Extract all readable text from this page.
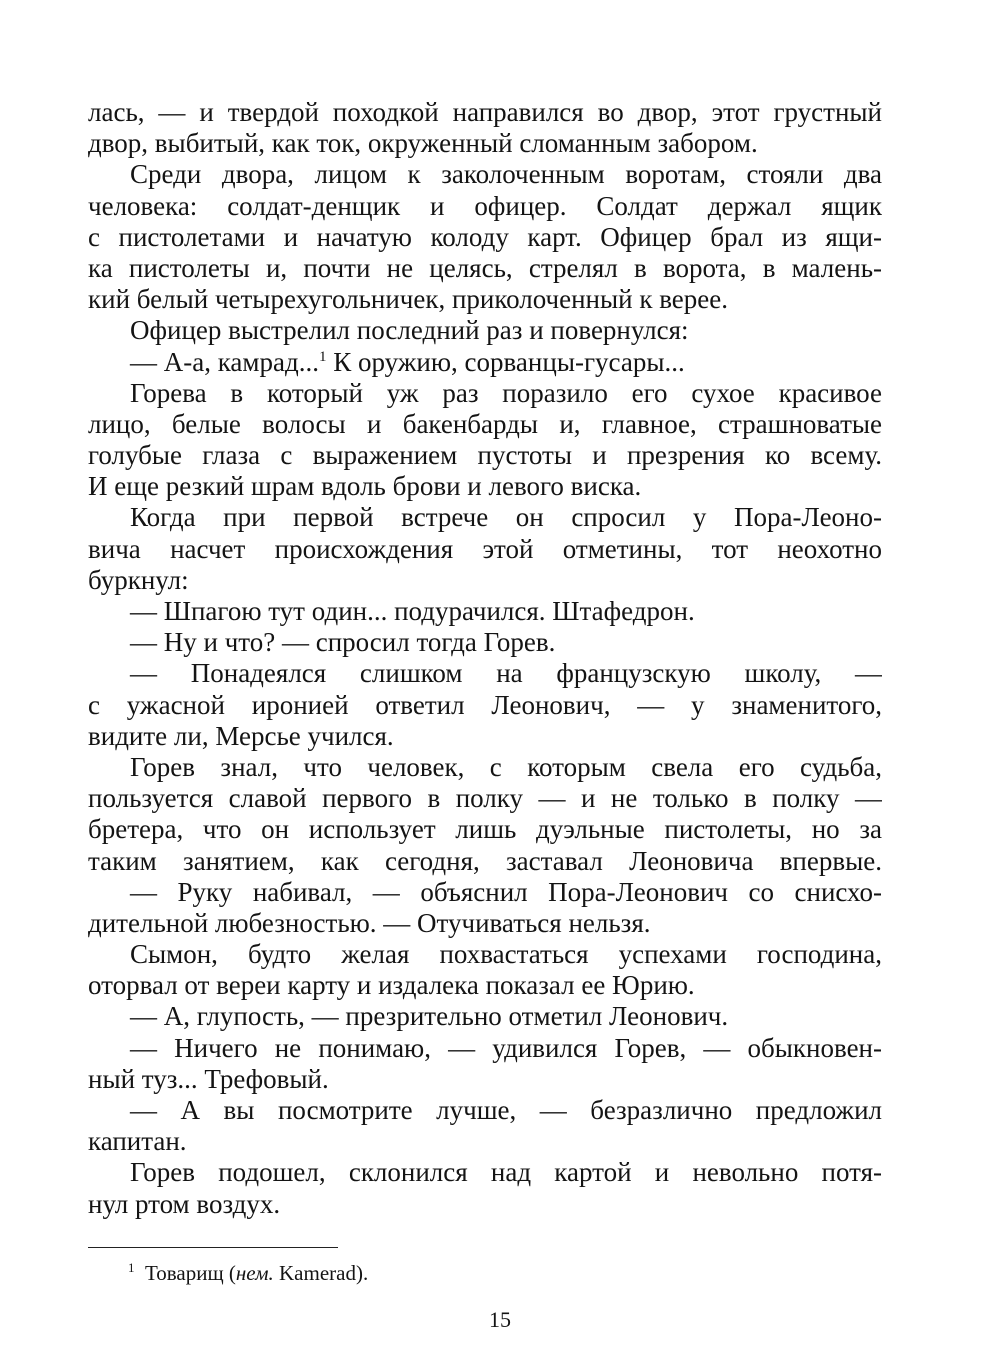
лась, — и твердой походкой направился во двор, этот грустный
двор, выбитый, как ток, окруженный сломанным забором.
Среди двора, лицом к заколоченным воротам, стояли два
человека: солдат-денщик и офицер. Солдат держал ящик
с пистолетами и начатую колоду карт. Офицер брал из ящи-
ка пистолеты и, почти не целясь, стрелял в ворота, в малень-
кий белый четырехугольничек, приколоченный к верее.
Офицер выстрелил последний раз и повернулся:
— А-а, камрад...$^1$ К оружию, сорванцы-гусары...
Горева в который уж раз поразило его сухое красивое
лицо, белые волосы и бакенбарды и, главное, страшноватые
голубые глаза с выражением пустоты и презрения ко всему.
И еще резкий шрам вдоль брови и левого виска.
Когда при первой встрече он спросил у Пора-Леоно-
вича насчет происхождения этой отметины, тот неохотно
буркнул:
— Шпагою тут один... подурачился. Штафедрон.
— Ну и что? — спросил тогда Горев.
— Понадеялся слишком на французскую школу, —
с ужасной иронией ответил Леонович, — у знаменитого,
видите ли, Мерсье учился.
Горев знал, что человек, с которым свела его судьба,
пользуется славой первого в полку — и не только в полку —
бретера, что он использует лишь дуэльные пистолеты, но за
таким занятием, как сегодня, заставал Леоновича впервые.
— Руку набивал, — объяснил Пора-Леонович со снисхо-
дительной любезностью. — Отучиваться нельзя.
Сымон, будто желая похвастаться успехами господина,
оторвал от вереи карту и издалека показал ее Юрию.
— А, глупость, — презрительно отметил Леонович.
— Ничего не понимаю, — удивился Горев, — обыкновен-
ный туз... Трефовый.
— А вы посмотрите лучше, — безразлично предложил
капитан.
Горев подошел, склонился над картой и невольно потя-
нул ртом воздух.
$^1$ Товарищ (нем. Kamerad).
15
